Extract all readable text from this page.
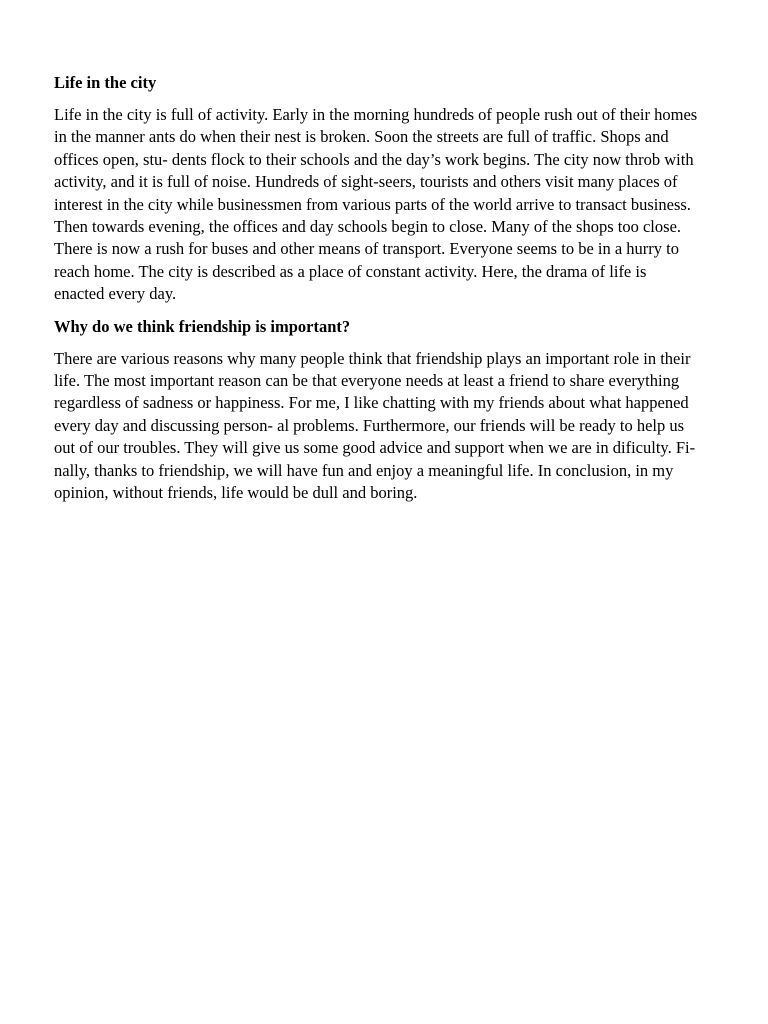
Life in the city

Life in the city is full of activity. Early in the morning hundreds of people rush out of their homes in the manner ants do when their nest is broken. Soon the streets are full of traffic. Shops and offices open, stu- dents flock to their schools and the day’s work begins. The city now throb with activity, and it is full of noise. Hundreds of sight-seers, tourists and others visit many places of interest in the city while businessmen from various parts of the world arrive to transact business. Then towards evening, the offices and day schools begin to close. Many of the shops too close. There is now a rush for buses and other means of transport. Everyone seems to be in a hurry to reach home. The city is described as a place of constant activity. Here, the drama of life is enacted every day.

Why do we think friendship is important?

There are various reasons why many people think that friendship plays an important role in their life. The most important reason can be that everyone needs at least a friend to share everything regardless of sadness or happiness. For me, I like chatting with my friends about what happened every day and discussing person- al problems. Furthermore, our friends will be ready to help us out of our troubles. They will give us some good advice and support when we are in dificulty. Fi- nally, thanks to friendship, we will have fun and enjoy a meaningful life. In conclusion, in my opinion, without friends, life would be dull and boring.
